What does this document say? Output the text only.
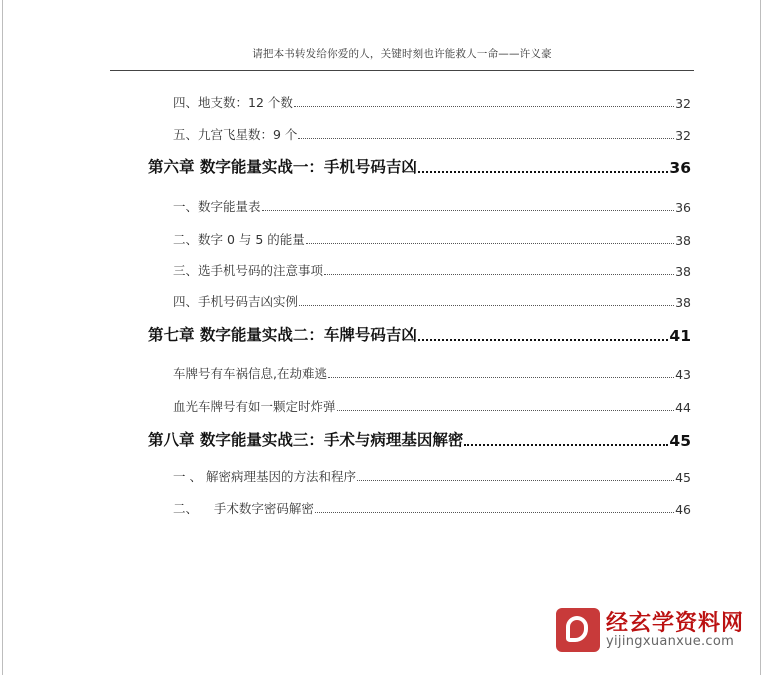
请把本书转发给你爱的人，关键时刻也许能救人一命——许义豪
四、地支数：12 个数	32
五、九宫飞星数：9 个	32
第六章 数字能量实战一：手机号码吉凶	36
一、数字能量表	36
二、数字 0 与 5 的能量	38
三、选手机号码的注意事项	38
四、手机号码吉凶实例	38
第七章 数字能量实战二：车牌号码吉凶	41
车牌号有车祸信息,在劫难逃	43
血光车牌号有如一颗定时炸弹	44
第八章 数字能量实战三：手术与病理基因解密	45
一 、 解密病理基因的方法和程序	45
二、    手术数字密码解密	46
经玄学资料网
yijingxuanxue.com
